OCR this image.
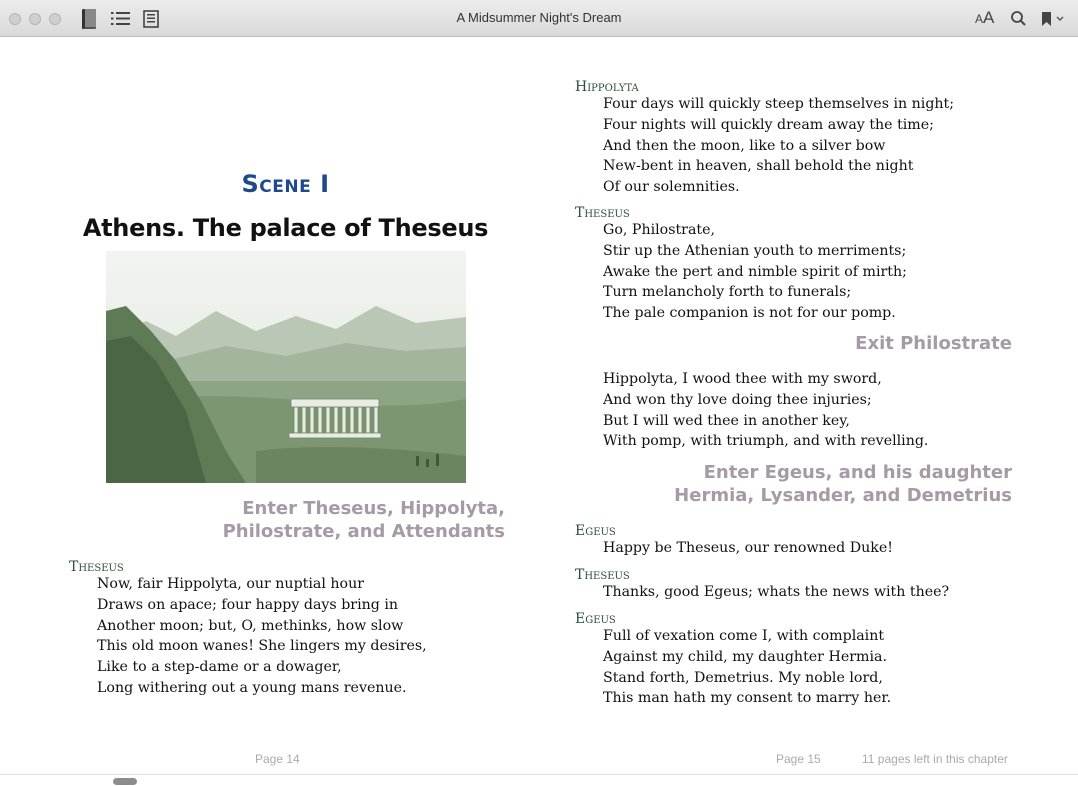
A Midsummer Night's Dream	AA
Scene I
Athens. The palace of Theseus
Enter Theseus, Hippolyta,
Philostrate, and Attendants
Theseus
Now, fair Hippolyta, our nuptial hour
Draws on apace; four happy days bring in
Another moon; but, O, methinks, how slow
This old moon wanes! She lingers my desires,
Like to a step-dame or a dowager,
Long withering out a young mans revenue.
Page 14
Hippolyta
Four days will quickly steep themselves in night;
Four nights will quickly dream away the time;
And then the moon, like to a silver bow
New-bent in heaven, shall behold the night
Of our solemnities.
Theseus
Go, Philostrate,
Stir up the Athenian youth to merriments;
Awake the pert and nimble spirit of mirth;
Turn melancholy forth to funerals;
The pale companion is not for our pomp.
Exit Philostrate
Hippolyta, I wood thee with my sword,
And won thy love doing thee injuries;
But I will wed thee in another key,
With pomp, with triumph, and with revelling.
Enter Egeus, and his daughter
Hermia, Lysander, and Demetrius
Egeus
Happy be Theseus, our renowned Duke!
Theseus
Thanks, good Egeus; whats the news with thee?
Egeus
Full of vexation come I, with complaint
Against my child, my daughter Hermia.
Stand forth, Demetrius. My noble lord,
This man hath my consent to marry her.
Page 15	11 pages left in this chapter
